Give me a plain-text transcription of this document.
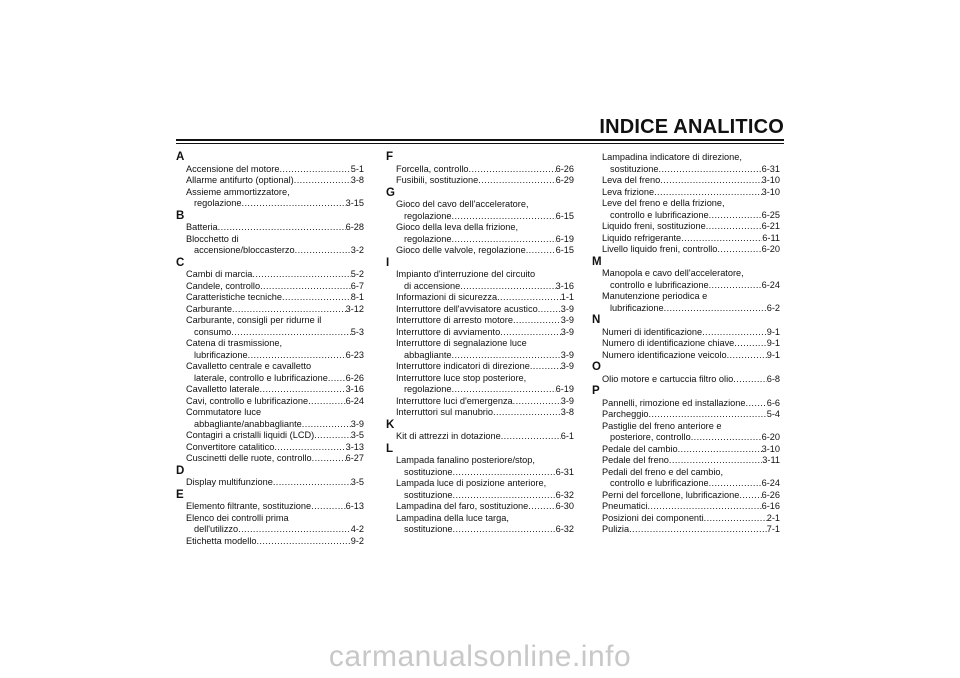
INDICE ANALITICO
A
Accensione del motore .....	5-1
Allarme antifurto (optional) .....	3-8
Assieme ammortizzatore,
regolazione .....	3-15
B
Batteria .....	6-28
Blocchetto di
accensione/bloccasterzo .....	3-2
C
Cambi di marcia .....	5-2
Candele, controllo .....	6-7
Caratteristiche tecniche .....	8-1
Carburante .....	3-12
Carburante, consigli per ridurne il
consumo .....	5-3
Catena di trasmissione,
lubrificazione .....	6-23
Cavalletto centrale e cavalletto
laterale, controllo e lubrificazione ..... 6-26
Cavalletto laterale .....	3-16
Cavi, controllo e lubrificazione .....	6-24
Commutatore luce
abbagliante/anabbagliante .....	3-9
Contagiri a cristalli liquidi (LCD) .....	3-5
Convertitore catalitico .....	3-13
Cuscinetti delle ruote, controllo .....	6-27
D
Display multifunzione .....	3-5
E
Elemento filtrante, sostituzione .....	6-13
Elenco dei controlli prima
dell'utilizzo .....	4-2
Etichetta modello .....	9-2
F
Forcella, controllo .....	6-26
Fusibili, sostituzione .....	6-29
G
Gioco del cavo dell'acceleratore,
regolazione .....	6-15
Gioco della leva della frizione,
regolazione .....	6-19
Gioco delle valvole, regolazione .....	6-15
I
Impianto d'interruzione del circuito
di accensione .....	3-16
Informazioni di sicurezza .....	1-1
Interruttore dell'avvisatore acustico .....	3-9
Interruttore di arresto motore .....	3-9
Interruttore di avviamento .....	3-9
Interruttore di segnalazione luce
abbagliante .....	3-9
Interruttore indicatori di direzione .....	3-9
Interruttore luce stop posteriore,
regolazione .....	6-19
Interruttore luci d'emergenza .....	3-9
Interruttori sul manubrio .....	3-8
K
Kit di attrezzi in dotazione .....	6-1
L
Lampada fanalino posteriore/stop,
sostituzione .....	6-31
Lampada luce di posizione anteriore,
sostituzione .....	6-32
Lampadina del faro, sostituzione .....	6-30
Lampadina della luce targa,
sostituzione .....	6-32
Lampadina indicatore di direzione,
sostituzione .....	6-31
Leva del freno .....	3-10
Leva frizione .....	3-10
Leve del freno e della frizione,
controllo e lubrificazione .....	6-25
Liquido freni, sostituzione .....	6-21
Liquido refrigerante .....	6-11
Livello liquido freni, controllo .....	6-20
M
Manopola e cavo dell'acceleratore,
controllo e lubrificazione .....	6-24
Manutenzione periodica e
lubrificazione .....	6-2
N
Numeri di identificazione .....	9-1
Numero di identificazione chiave .....	9-1
Numero identificazione veicolo .....	9-1
O
Olio motore e cartuccia filtro olio .....	6-8
P
Pannelli, rimozione ed installazione ..... 6-6
Parcheggio .....	5-4
Pastiglie del freno anteriore e
posteriore, controllo .....	6-20
Pedale del cambio .....	3-10
Pedale del freno .....	3-11
Pedali del freno e del cambio,
controllo e lubrificazione .....	6-24
Perni del forcellone, lubrificazione ..... 6-26
Pneumatici .....	6-16
Posizioni dei componenti .....	2-1
Pulizia .....	7-1
carmanualsonline.info
